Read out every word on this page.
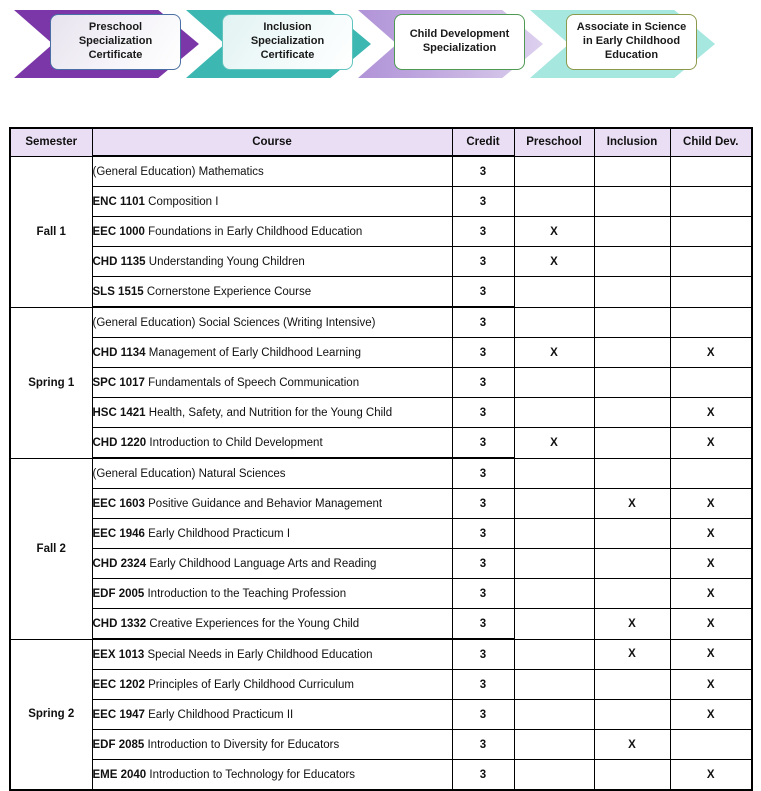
Preschool Specialization Certificate
Inclusion Specialization Certificate
Child Development Specialization
Associate in Science in Early Childhood Education
Semester	Course	Credit	Preschool	Inclusion	Child Dev.
Fall 1	(General Education) Mathematics	3			
	ENC 1101 Composition I	3			
	EEC 1000 Foundations in Early Childhood Education	3	X		
	CHD 1135 Understanding Young Children	3	X		
	SLS 1515 Cornerstone Experience Course	3			
Spring 1	(General Education) Social Sciences (Writing Intensive)	3			
	CHD 1134 Management of Early Childhood Learning	3	X		X
	SPC 1017 Fundamentals of Speech Communication	3			
	HSC 1421 Health, Safety, and Nutrition for the Young Child	3			X
	CHD 1220 Introduction to Child Development	3	X		X
Fall 2	(General Education) Natural Sciences	3			
	EEC 1603 Positive Guidance and Behavior Management	3		X	X
	EEC 1946 Early Childhood Practicum I	3			X
	CHD 2324 Early Childhood Language Arts and Reading	3			X
	EDF 2005 Introduction to the Teaching Profession	3			X
	CHD 1332 Creative Experiences for the Young Child	3		X	X
Spring 2	EEX 1013 Special Needs in Early Childhood Education	3		X	X
	EEC 1202 Principles of Early Childhood Curriculum	3			X
	EEC 1947 Early Childhood Practicum II	3			X
	EDF 2085 Introduction to Diversity for Educators	3		X	
	EME 2040 Introduction to Technology for Educators	3			X
